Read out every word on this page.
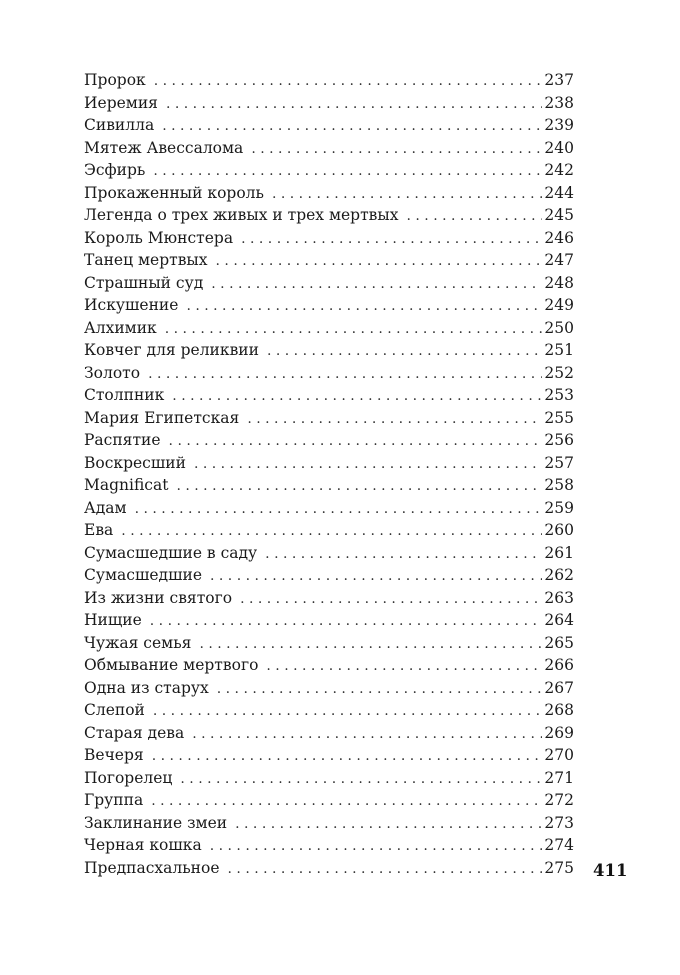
Пророк . . .	237
Иеремия . . .	238
Сивилла . . .	239
Мятеж Авессалома . . .	240
Эсфирь . . .	242
Прокаженный король . . .	244
Легенда о трех живых и трех мертвых . . .	245
Король Мюнстера . . .	246
Танец мертвых . . .	247
Страшный суд . . .	248
Искушение . . .	249
Алхимик . . .	250
Ковчег для реликвии . . .	251
Золото . . .	252
Столпник . . .	253
Мария Египетская . . .	255
Распятие . . .	256
Воскресший . . .	257
Magnificat . . .	258
Адам . . .	259
Ева . . .	260
Сумасшедшие в саду . . .	261
Сумасшедшие . . .	262
Из жизни святого . . .	263
Нищие . . .	264
Чужая семья . . .	265
Обмывание мертвого . . .	266
Одна из старух . . .	267
Слепой . . .	268
Старая дева . . .	269
Вечеря . . .	270
Погорелец . . .	271
Группа . . .	272
Заклинание змеи . . .	273
Черная кошка . . .	274
Предпасхальное . . .	275 411
